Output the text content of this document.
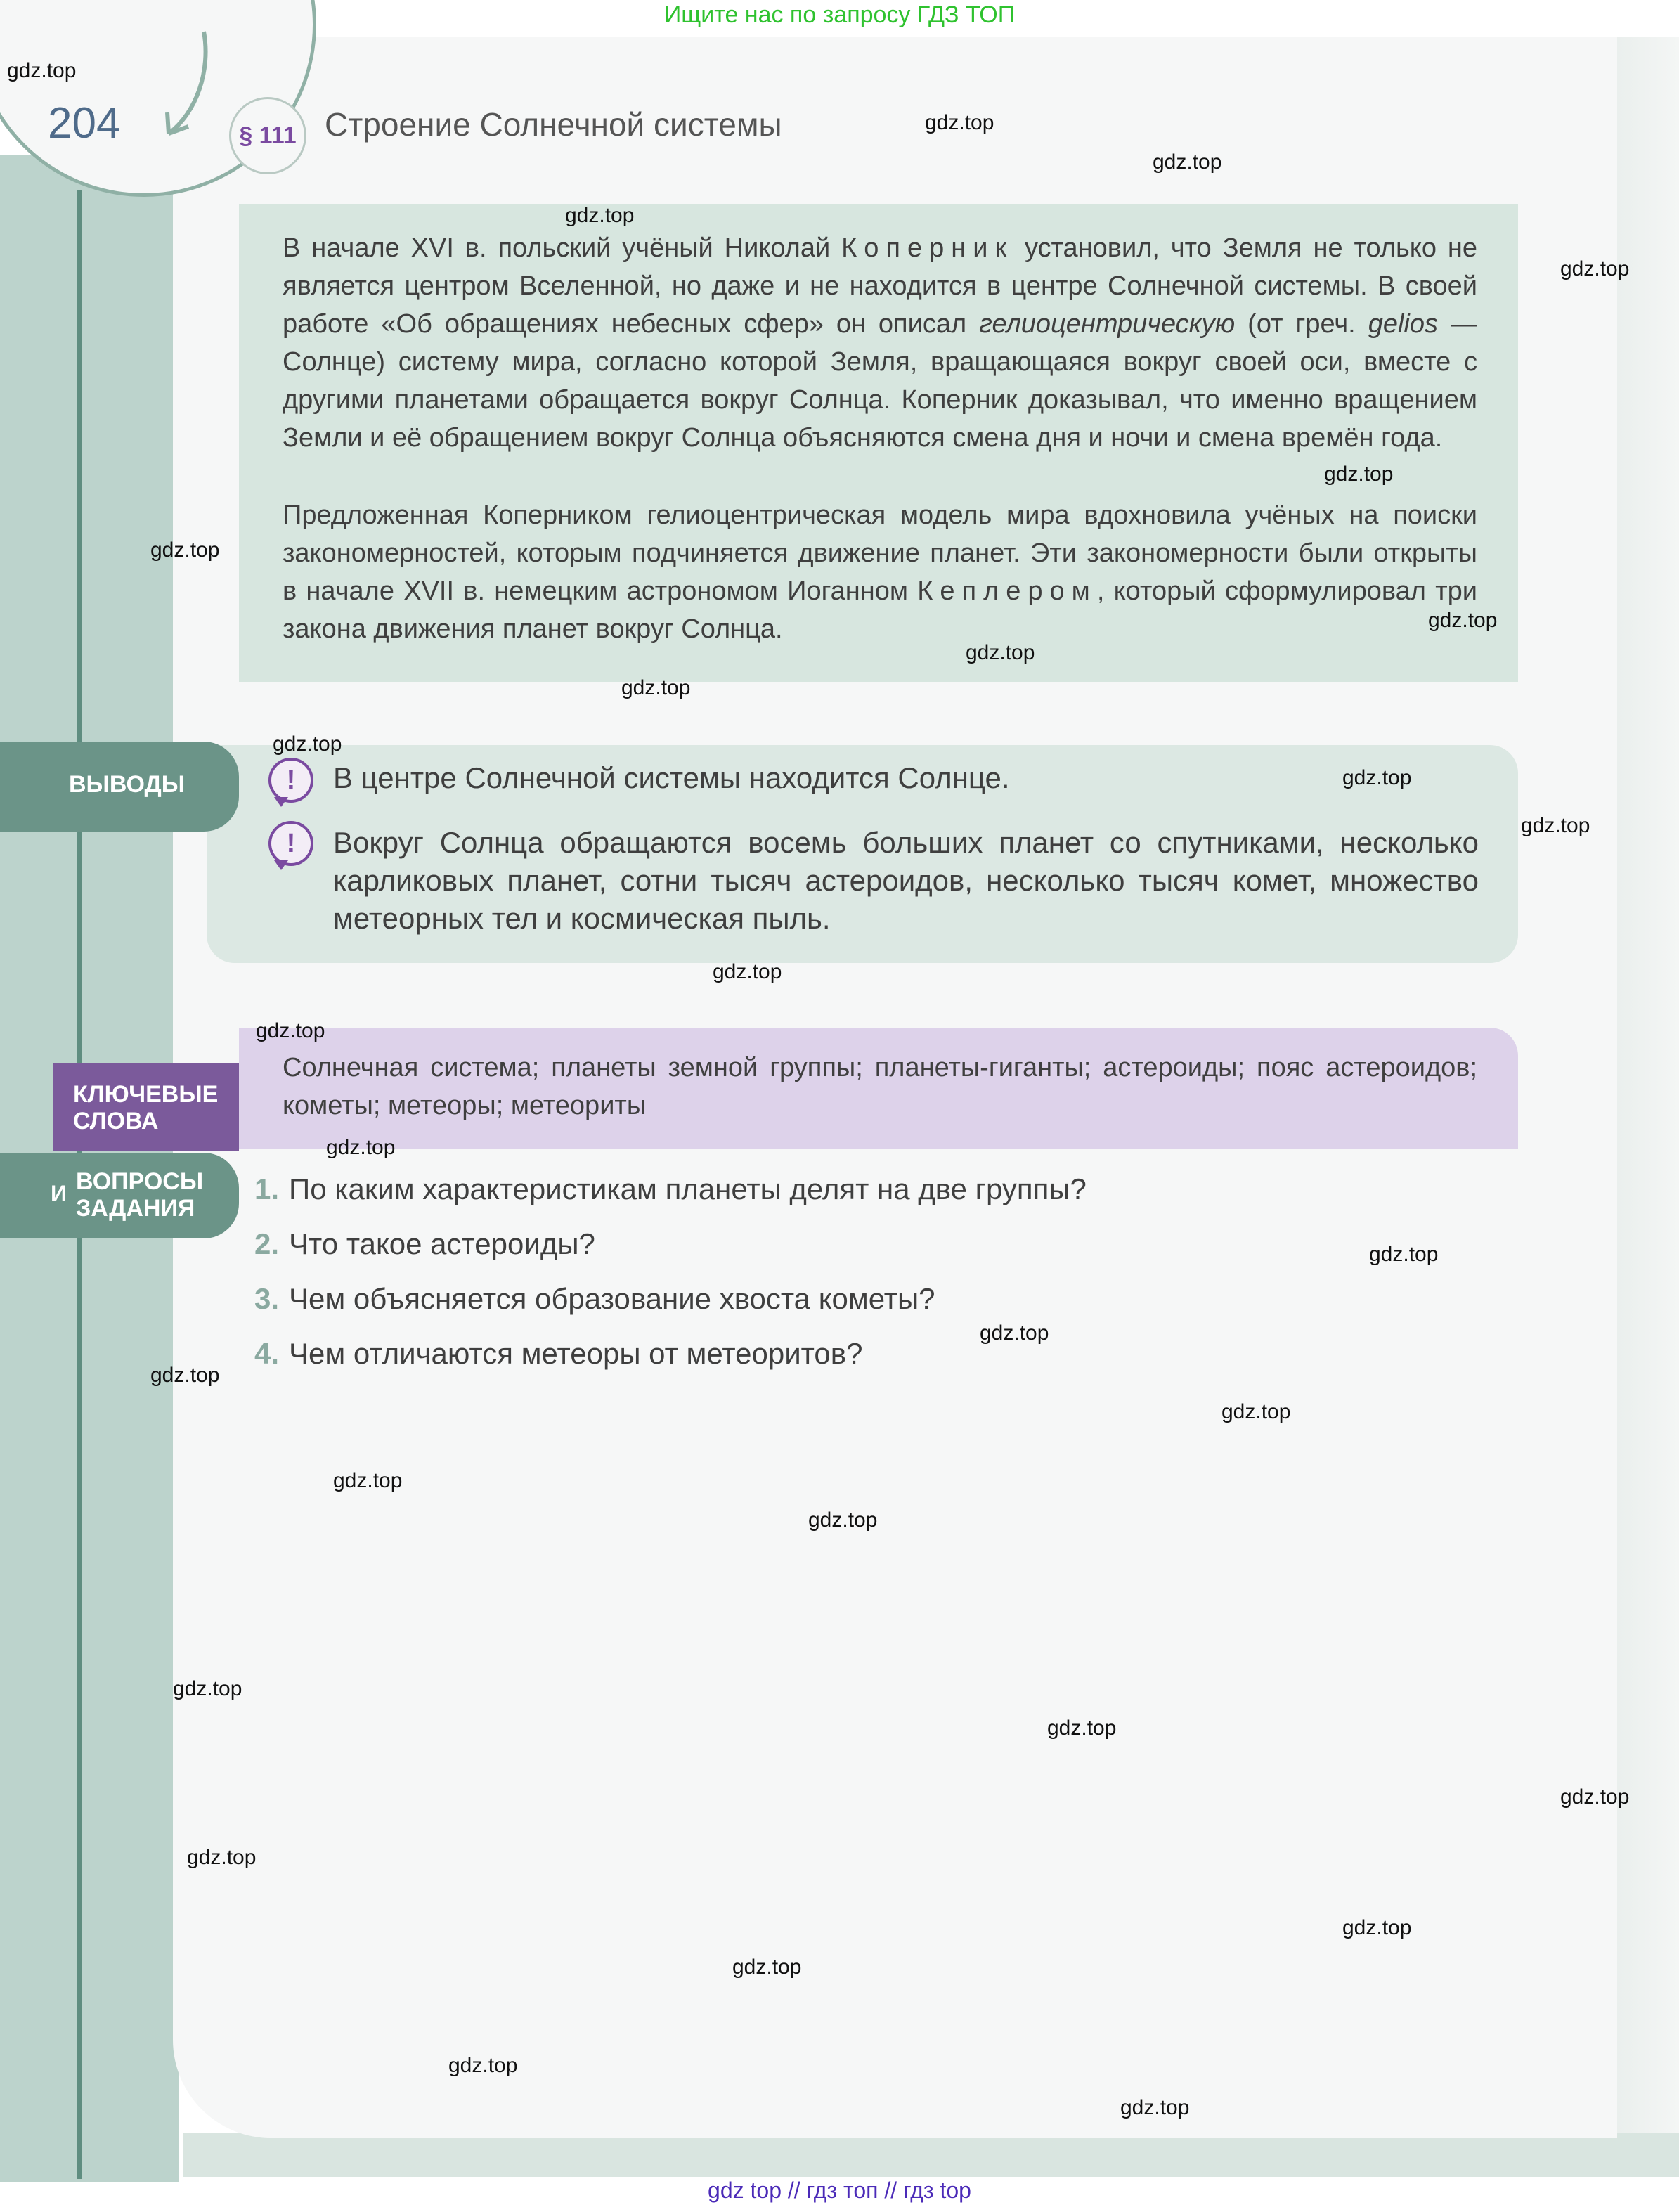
Ищите нас по запросу ГДЗ ТОП
204	§ 111 Строение Солнечной системы

В начале XVI в. польский учёный Николай Коперник установил, что Земля не только не является центром Вселенной, но даже и не находится в центре Солнечной системы. В своей работе «Об обращениях небесных сфер» он описал гелиоцентрическую (от греч. gelios — Солнце) систему мира, согласно которой Земля, вращающаяся вокруг своей оси, вместе с другими планетами обращается вокруг Солнца. Коперник доказывал, что именно вращением Земли и её обращением вокруг Солнца объясняются смена дня и ночи и смена времён года.

Предложенная Коперником гелиоцентрическая модель мира вдохновила учёных на поиски закономерностей, которым подчиняется движение планет. Эти закономерности были открыты в начале XVII в. немецким астрономом Иоганном Кеплером, который сформулировал три закона движения планет вокруг Солнца.

ВЫВОДЫ	!	В центре Солнечной системы находится Солнце.
!	Вокруг Солнца обращаются восемь больших планет со спутниками, несколько карликовых планет, сотни тысяч астероидов, несколько тысяч комет, множество метеорных тел и космическая пыль.

Солнечная система; планеты земной группы; планеты-гиганты; астероиды; пояс астероидов; кометы; метеоры; метеориты

КЛЮЧЕВЫЕ
СЛОВА
И ВОПРОСЫ
ЗАДАНИЯ
1. По каким характеристикам планеты делят на две группы?
2. Что такое астероиды?
3. Чем объясняется образование хвоста кометы?
4. Чем отличаются метеоры от метеоритов?
gdz.top
gdz.top
gdz.top
gdz.top
gdz.top
gdz.top
gdz.top
gdz.top
gdz.top
gdz.top
gdz.top
gdz.top
gdz.top
gdz.top
gdz.top
gdz.top
gdz.top
gdz.top
gdz.top
gdz.top
gdz.top
gdz.top
gdz.top
gdz.top
gdz.top
gdz.top
gdz.top
gdz.top
gdz.top
gdz.top
gdz top // гдз топ // гдз top
